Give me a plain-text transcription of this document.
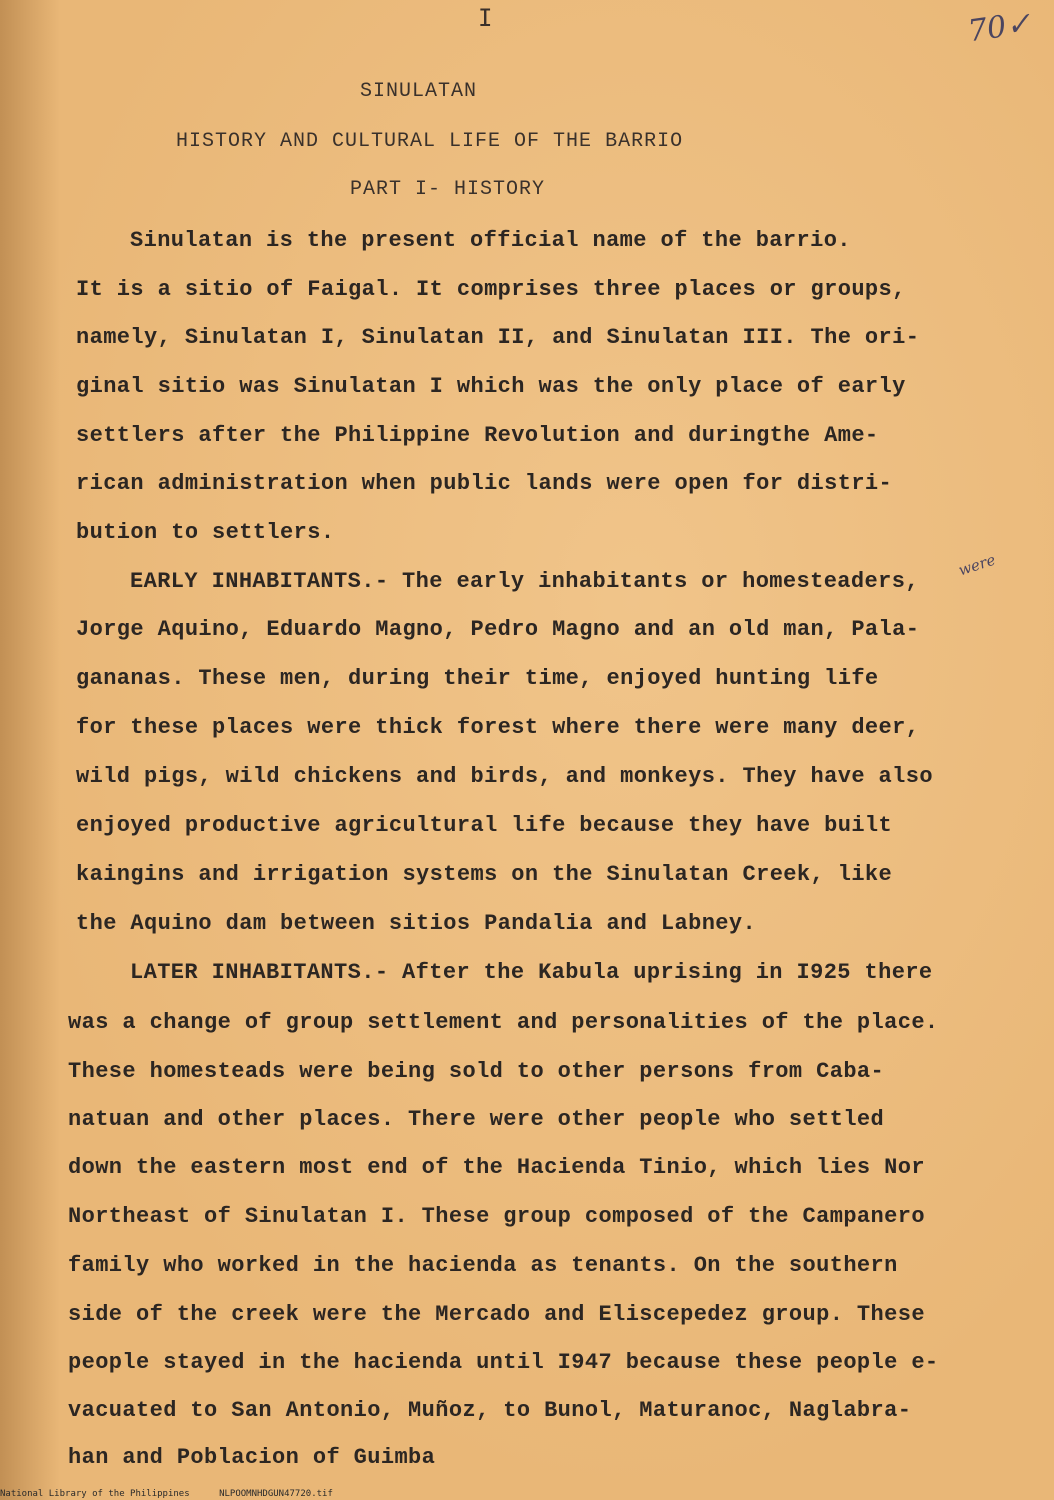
I	70✓
SINULATAN
HISTORY AND CULTURAL LIFE OF THE BARRIO
PART I- HISTORY
Sinulatan is the present official name of the barrio.
It is a sitio of Faigal. It comprises three places or groups,
namely, Sinulatan I, Sinulatan II, and Sinulatan III. The ori-
ginal sitio was Sinulatan I which was the only place of early
settlers after the Philippine Revolution and duringthe Ame-
rican administration when public lands were open for distri-
bution to settlers.
EARLY INHABITANTS.- The early inhabitants or homesteaders,
were
Jorge Aquino, Eduardo Magno, Pedro Magno and an old man, Pala-
gananas. These men, during their time, enjoyed hunting life
for these places were thick forest where there were many deer,
wild pigs, wild chickens and birds, and monkeys. They have also
enjoyed productive agricultural life because they have built
kaingins and irrigation systems on the Sinulatan Creek, like
the Aquino dam between sitios Pandalia and Labney.
LATER INHABITANTS.- After the Kabula uprising in I925 there
was a change of group settlement and personalities of the place.
These homesteads were being sold to other persons from Caba-
natuan and other places. There were other people who settled
down the eastern most end of the Hacienda Tinio, which lies Nor
Northeast of Sinulatan I. These group composed of the Campanero
family who worked in the hacienda as tenants. On the southern
side of the creek were the Mercado and Eliscepedez group. These
people stayed in the hacienda until I947 because these people e-
vacuated to San Antonio, Muñoz, to Bunol, Maturanoc, Naglabra-
han and Poblacion of Guimba
National Library of the Philippines	NLPOOMNHDGUN47720.tif
